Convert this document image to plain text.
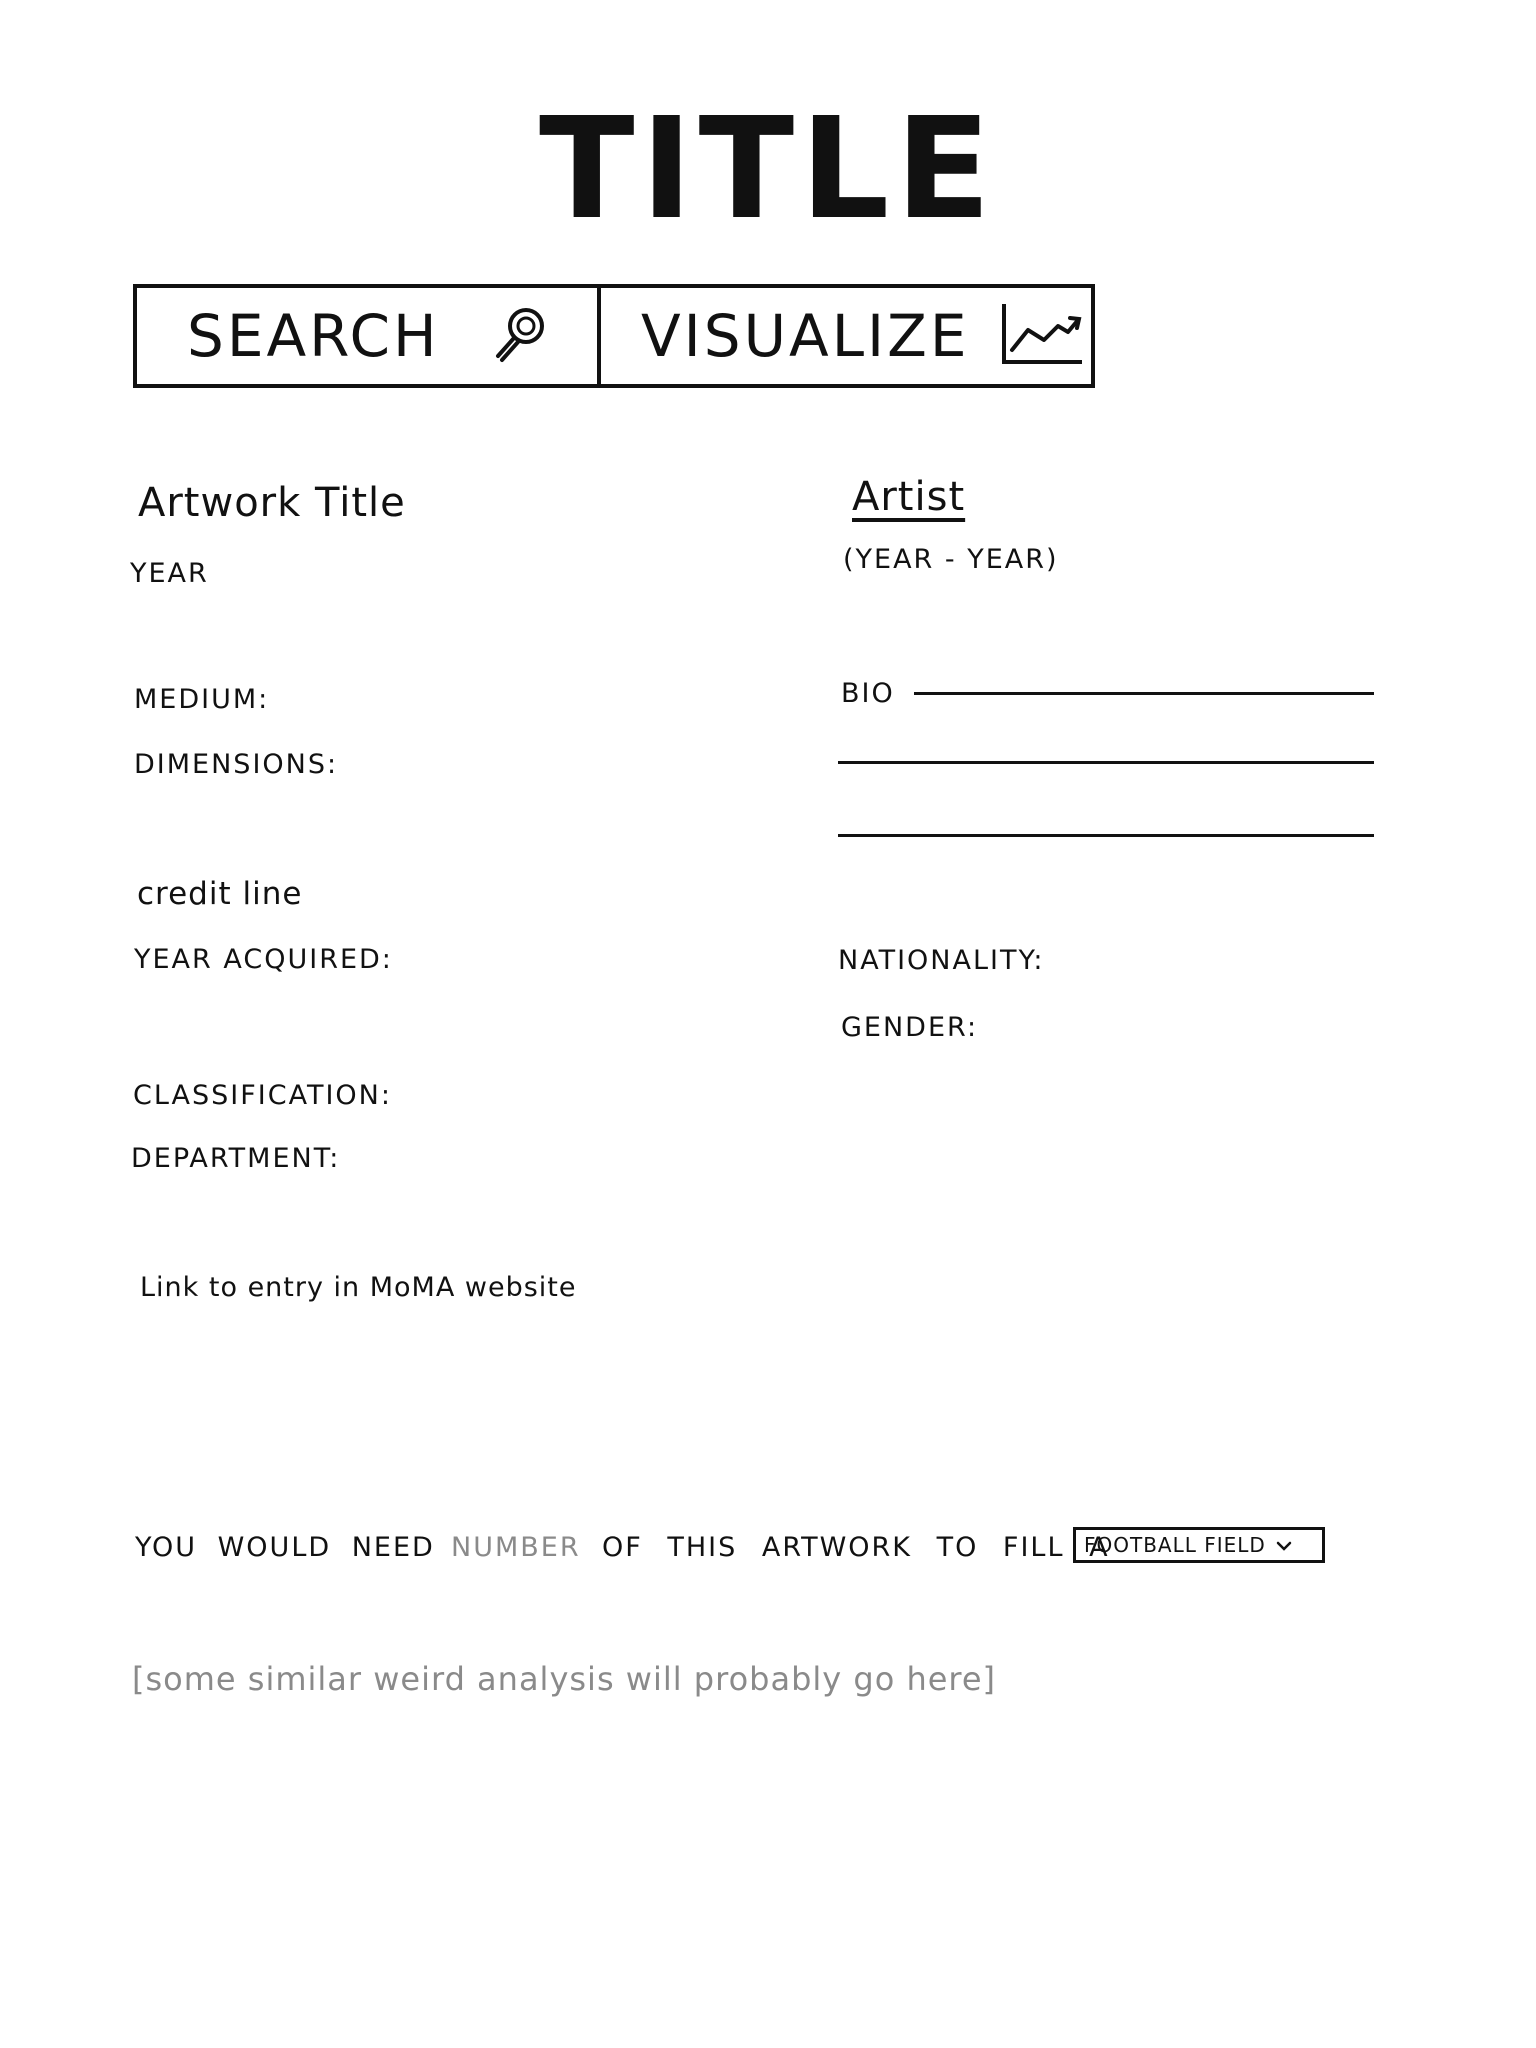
TITLE
SEARCH	VISUALIZE
Artwork Title
YEAR
MEDIUM:
DIMENSIONS:
credit line
YEAR ACQUIRED:
CLASSIFICATION:
DEPARTMENT:
Link to entry in MoMA website
Artist
(YEAR - YEAR)
BIO
NATIONALITY:
GENDER:
YOU WOULD NEED NUMBER OF THIS ARTWORK TO FILL A
FOOTBALL FIELD
[some similar weird analysis will probably go here]
